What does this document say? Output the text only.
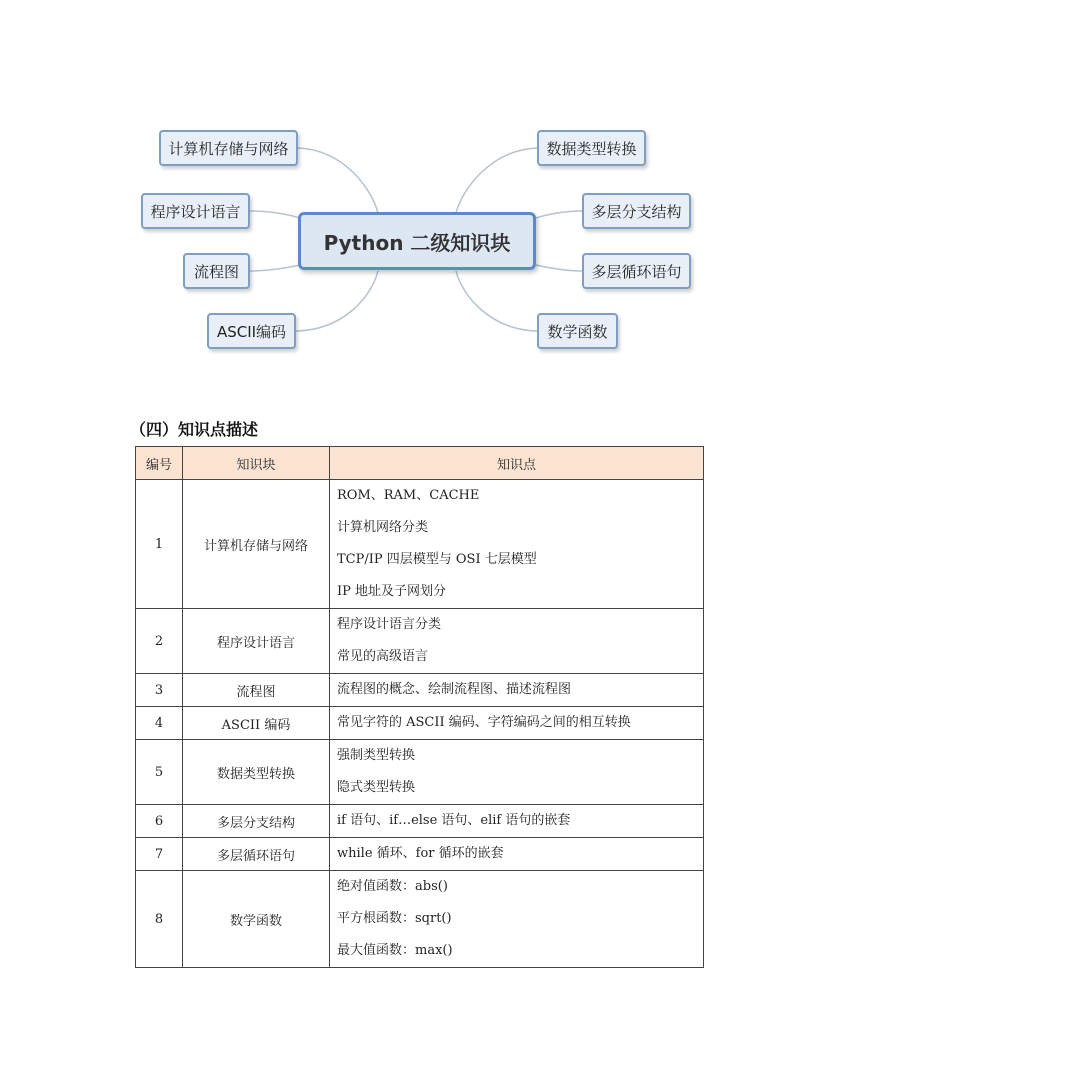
计算机存储与网络
程序设计语言
流程图
ASCII编码
Python 二级知识块
数据类型转换
多层分支结构
多层循环语句
数学函数
（四）知识点描述
编号	知识块	知识点
1	计算机存储与网络	ROM、RAM、CACHE
计算机网络分类
TCP/IP 四层模型与 OSI 七层模型
IP 地址及子网划分

2	程序设计语言	程序设计语言分类
常见的高级语言

3	流程图	流程图的概念、绘制流程图、描述流程图

4	ASCII 编码	常见字符的 ASCII 编码、字符编码之间的相互转换

5	数据类型转换	强制类型转换
隐式类型转换

6	多层分支结构	if 语句、if…else 语句、elif 语句的嵌套

7	多层循环语句	while 循环、for 循环的嵌套

8	数学函数	绝对值函数：abs()
平方根函数：sqrt()
最大值函数：max()
